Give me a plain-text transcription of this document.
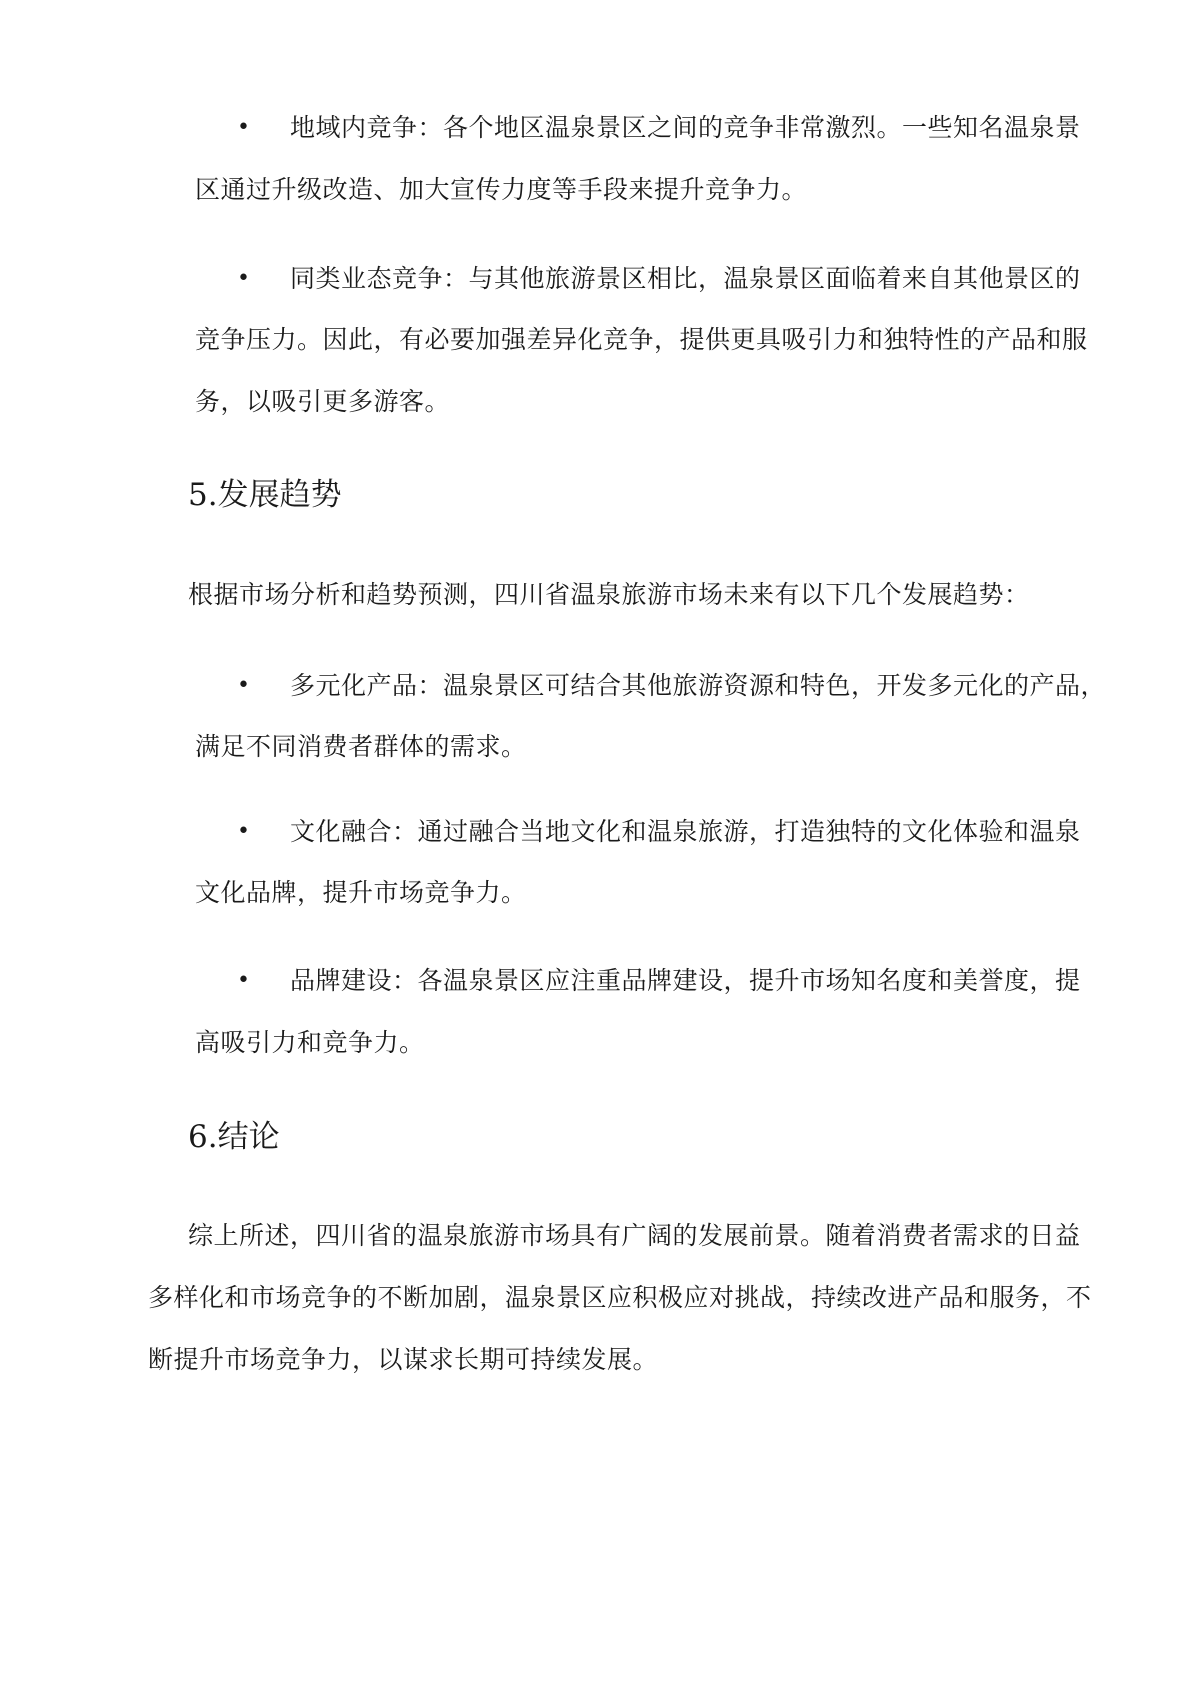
• 地域内竞争：各个地区温泉景区之间的竞争非常激烈。一些知名温泉景
区通过升级改造、加大宣传力度等手段来提升竞争力。
• 同类业态竞争：与其他旅游景区相比，温泉景区面临着来自其他景区的
竞争压力。因此，有必要加强差异化竞争，提供更具吸引力和独特性的产品和服
务，以吸引更多游客。
5.发展趋势
根据市场分析和趋势预测，四川省温泉旅游市场未来有以下几个发展趋势：
• 多元化产品：温泉景区可结合其他旅游资源和特色，开发多元化的产品，
满足不同消费者群体的需求。
• 文化融合：通过融合当地文化和温泉旅游，打造独特的文化体验和温泉
文化品牌，提升市场竞争力。
• 品牌建设：各温泉景区应注重品牌建设，提升市场知名度和美誉度，提
高吸引力和竞争力。
6.结论
综上所述，四川省的温泉旅游市场具有广阔的发展前景。随着消费者需求的日益
多样化和市场竞争的不断加剧，温泉景区应积极应对挑战，持续改进产品和服务，不
断提升市场竞争力，以谋求长期可持续发展。
